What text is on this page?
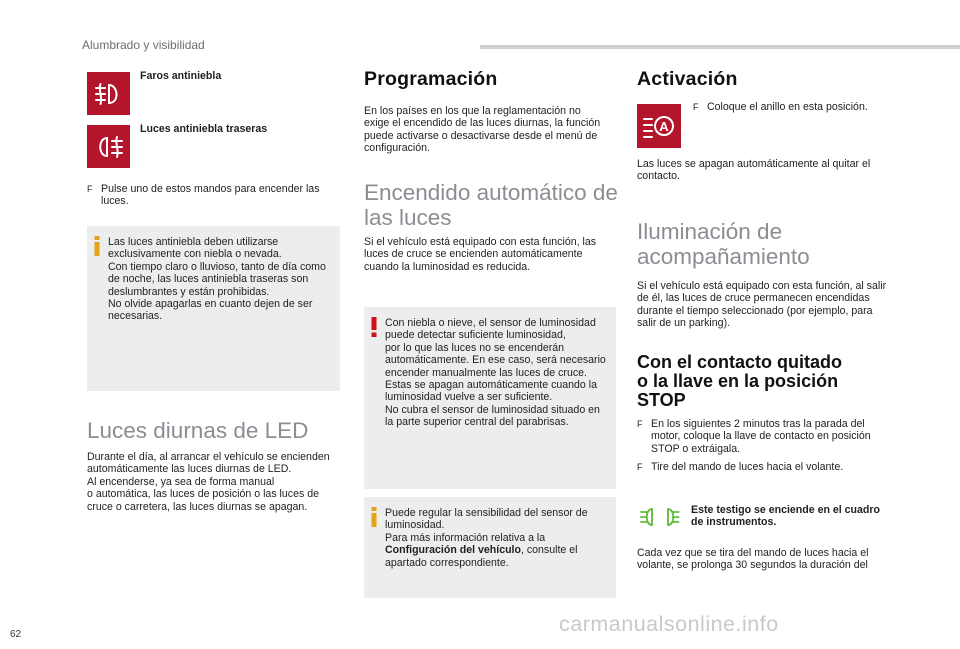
Alumbrado y visibilidad
Faros antiniebla
Luces antiniebla traseras
F Pulse uno de estos mandos para encender las
luces.
Las luces antiniebla deben utilizarse
exclusivamente con niebla o nevada.
Con tiempo claro o lluvioso, tanto de día como
de noche, las luces antiniebla traseras son
deslumbrantes y están prohibidas.
No olvide apagarlas en cuanto dejen de ser
necesarias.
Luces diurnas de LED
Durante el día, al arrancar el vehículo se encienden
automáticamente las luces diurnas de LED.
Al encenderse, ya sea de forma manual
o automática, las luces de posición o las luces de
cruce o carretera, las luces diurnas se apagan.
Programación
En los países en los que la reglamentación no
exige el encendido de las luces diurnas, la función
puede activarse o desactivarse desde el menú de
configuración.
Encendido automático de
las luces
Si el vehículo está equipado con esta función, las
luces de cruce se encienden automáticamente
cuando la luminosidad es reducida.
Con niebla o nieve, el sensor de luminosidad
puede detectar suficiente luminosidad,
por lo que las luces no se encenderán
automáticamente. En ese caso, será necesario
encender manualmente las luces de cruce.
Estas se apagan automáticamente cuando la
luminosidad vuelve a ser suficiente.
No cubra el sensor de luminosidad situado en
la parte superior central del parabrisas.
Puede regular la sensibilidad del sensor de
luminosidad.
Para más información relativa a la
Configuración del vehículo, consulte el
apartado correspondiente.
Activación
A
F Coloque el anillo en esta posición.
Las luces se apagan automáticamente al quitar el
contacto.
Iluminación de
acompañamiento
Si el vehículo está equipado con esta función, al salir
de él, las luces de cruce permanecen encendidas
durante el tiempo seleccionado (por ejemplo, para
salir de un parking).
Con el contacto quitado
o la llave en la posición
STOP
F En los siguientes 2 minutos tras la parada del
motor, coloque la llave de contacto en posición
STOP o extráigala.
F Tire del mando de luces hacia el volante.
Este testigo se enciende en el cuadro
de instrumentos.
Cada vez que se tira del mando de luces hacia el
volante, se prolonga 30 segundos la duración del
62	carmanualsonline.info
